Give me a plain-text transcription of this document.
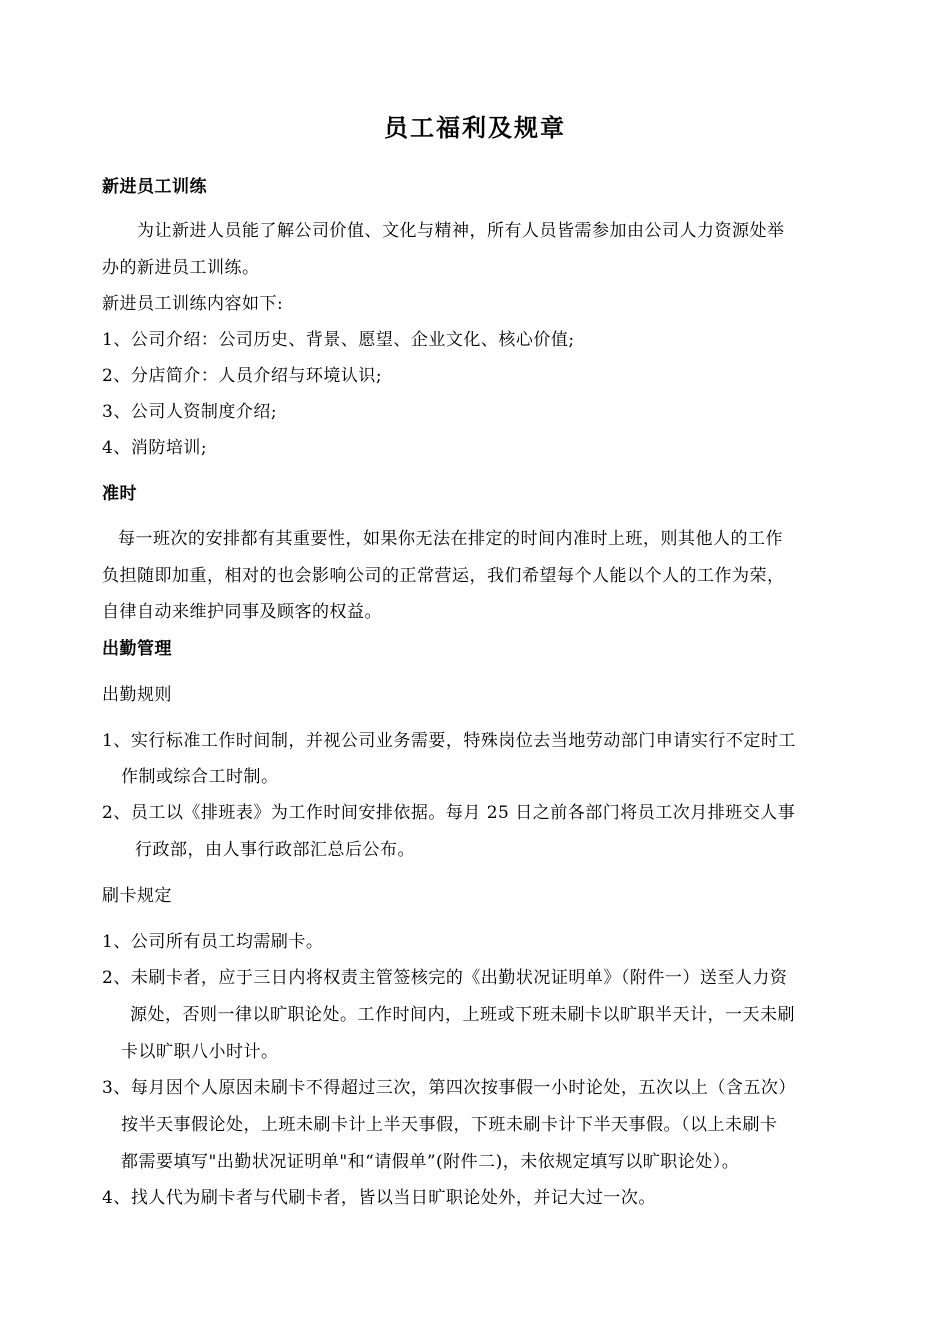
员工福利及规章
新进员工训练
为让新进人员能了解公司价值、文化与精神，所有人员皆需参加由公司人力资源处举
办的新进员工训练。
新进员工训练内容如下:
1、公司介绍：公司历史、背景、愿望、企业文化、核心价值;
2、分店简介：人员介绍与环境认识;
3、公司人资制度介绍;
4、消防培训;
准时
每一班次的安排都有其重要性，如果你无法在排定的时间内准时上班，则其他人的工作
负担随即加重，相对的也会影响公司的正常营运，我们希望每个人能以个人的工作为荣，
自律自动来维护同事及顾客的权益。
出勤管理
出勤规则
1、实行标准工作时间制，并视公司业务需要，特殊岗位去当地劳动部门申请实行不定时工
作制或综合工时制。
2、员工以《排班表》为工作时间安排依据。每月 25 日之前各部门将员工次月排班交人事
行政部，由人事行政部汇总后公布。
刷卡规定
1、公司所有员工均需刷卡。
2、未刷卡者，应于三日内将权责主管签核完的《出勤状况证明单》（附件一）送至人力资
源处，否则一律以旷职论处。工作时间内，上班或下班未刷卡以旷职半天计，一天未刷
卡以旷职八小时计。
3、每月因个人原因未刷卡不得超过三次，第四次按事假一小时论处，五次以上（含五次）
按半天事假论处，上班未刷卡计上半天事假，下班未刷卡计下半天事假。（以上未刷卡
都需要填写"出勤状况证明单"和“请假单”(附件二)，未依规定填写以旷职论处）。
4、找人代为刷卡者与代刷卡者，皆以当日旷职论处外，并记大过一次。
